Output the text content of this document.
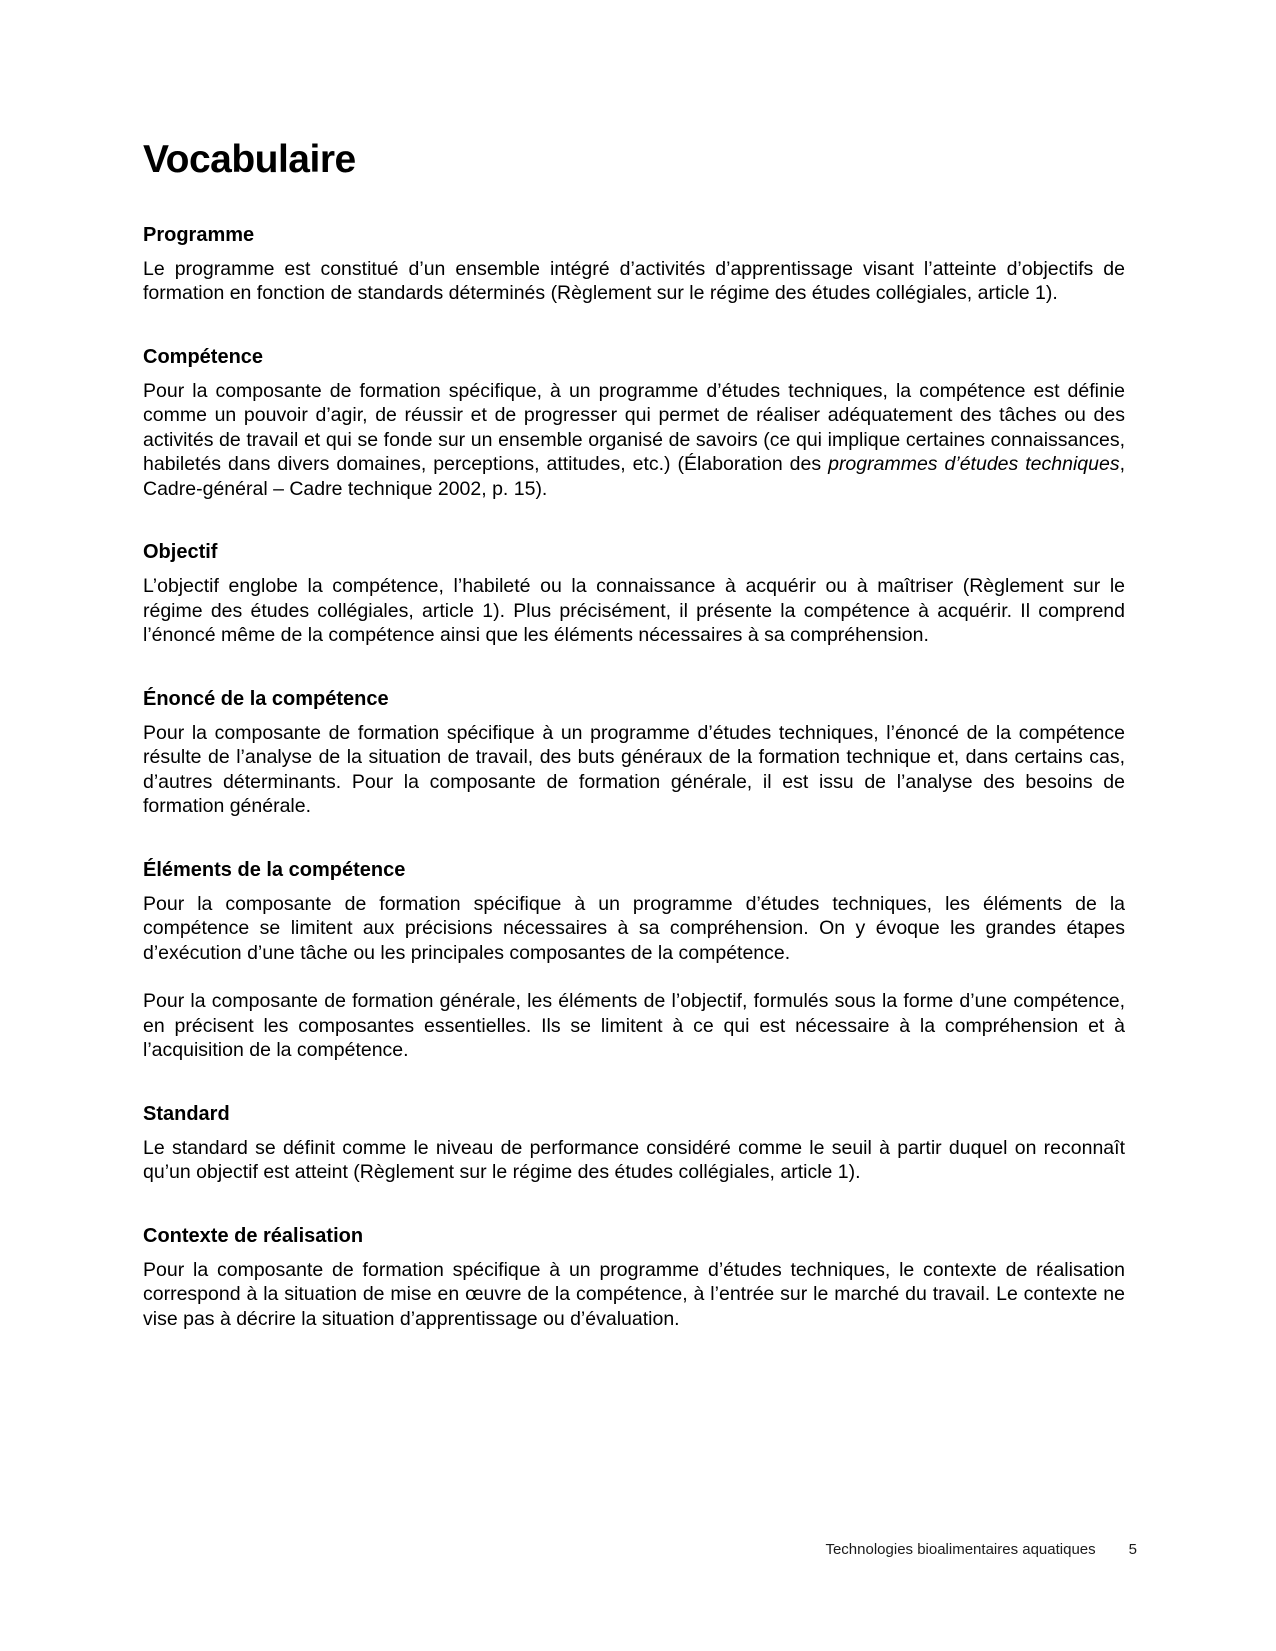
Vocabulaire
Programme

Le programme est constitué d’un ensemble intégré d’activités d’apprentissage visant l’atteinte d’objectifs de formation en fonction de standards déterminés (Règlement sur le régime des études collégiales, article 1).

Compétence

Pour la composante de formation spécifique, à un programme d’études techniques, la compétence est définie comme un pouvoir d’agir, de réussir et de progresser qui permet de réaliser adéquatement des tâches ou des activités de travail et qui se fonde sur un ensemble organisé de savoirs (ce qui implique certaines connaissances, habiletés dans divers domaines, perceptions, attitudes, etc.) (Élaboration des programmes d’études techniques, Cadre-général – Cadre technique 2002, p. 15).

Objectif

L’objectif englobe la compétence, l’habileté ou la connaissance à acquérir ou à maîtriser (Règlement sur le régime des études collégiales, article 1). Plus précisément, il présente la compétence à acquérir. Il comprend l’énoncé même de la compétence ainsi que les éléments nécessaires à sa compréhension.

Énoncé de la compétence

Pour la composante de formation spécifique à un programme d’études techniques, l’énoncé de la compétence résulte de l’analyse de la situation de travail, des buts généraux de la formation technique et, dans certains cas, d’autres déterminants. Pour la composante de formation générale, il est issu de l’analyse des besoins de formation générale.

Éléments de la compétence

Pour la composante de formation spécifique à un programme d’études techniques, les éléments de la compétence se limitent aux précisions nécessaires à sa compréhension. On y évoque les grandes étapes d’exécution d’une tâche ou les principales composantes de la compétence.

Pour la composante de formation générale, les éléments de l’objectif, formulés sous la forme d’une compétence, en précisent les composantes essentielles. Ils se limitent à ce qui est nécessaire à la compréhension et à l’acquisition de la compétence.

Standard

Le standard se définit comme le niveau de performance considéré comme le seuil à partir duquel on reconnaît qu’un objectif est atteint (Règlement sur le régime des études collégiales, article 1).

Contexte de réalisation

Pour la composante de formation spécifique à un programme d’études techniques, le contexte de réalisation correspond à la situation de mise en œuvre de la compétence, à l’entrée sur le marché du travail. Le contexte ne vise pas à décrire la situation d’apprentissage ou d’évaluation.

Technologies bioalimentaires aquatiques 5
